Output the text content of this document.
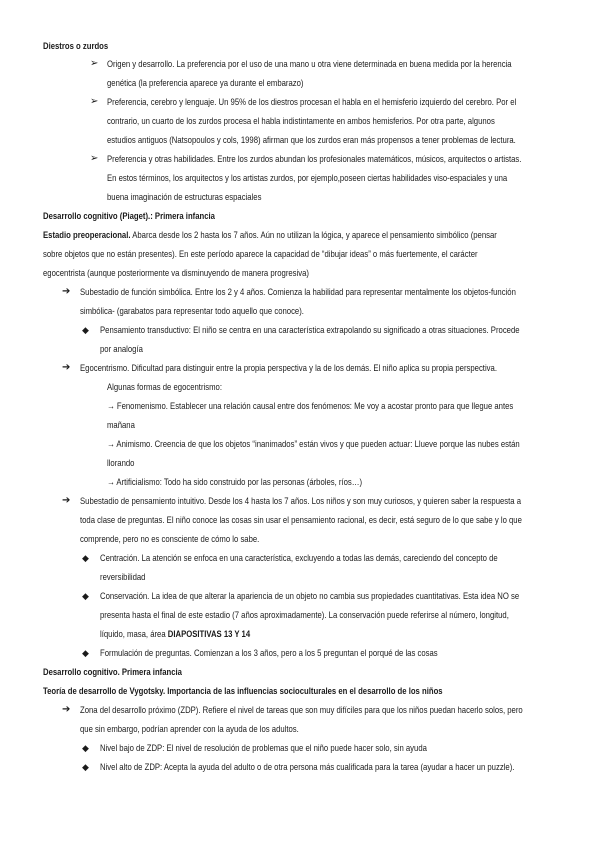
Diestros o zurdos
➢ Origen y desarrollo. La preferencia por el uso de una mano u otra viene determinada en buena medida por la herencia
genética (la preferencia aparece ya durante el embarazo)
➢ Preferencia, cerebro y lenguaje. Un 95% de los diestros procesan el habla en el hemisferio izquierdo del cerebro. Por el
contrario, un cuarto de los zurdos procesa el habla indistintamente en ambos hemisferios. Por otra parte, algunos
estudios antiguos (Natsopoulos y cols, 1998) afirman que los zurdos eran más propensos a tener problemas de lectura.
➢ Preferencia y otras habilidades. Entre los zurdos abundan los profesionales matemáticos, músicos, arquitectos o artistas.
En estos términos, los arquitectos y los artistas zurdos, por ejemplo,poseen ciertas habilidades viso-espaciales y una
buena imaginación de estructuras espaciales
Desarrollo cognitivo (Piaget).: Primera infancia
Estadio preoperacional. Abarca desde los 2 hasta los 7 años. Aún no utilizan la lógica, y aparece el pensamiento simbólico (pensar
sobre objetos que no están presentes). En este período aparece la capacidad de “dibujar ideas” o más fuertemente, el carácter
egocentrista (aunque posteriormente va disminuyendo de manera progresiva)
➔ Subestadio de función simbólica. Entre los 2 y 4 años. Comienza la habilidad para representar mentalmente los objetos-función
simbólica- (garabatos para representar todo aquello que conoce).
◆ Pensamiento transductivo: El niño se centra en una característica extrapolando su significado a otras situaciones. Procede
por analogía
➔ Egocentrismo. Dificultad para distinguir entre la propia perspectiva y la de los demás. El niño aplica su propia perspectiva.
Algunas formas de egocentrismo:
→ Fenomenismo. Establecer una relación causal entre dos fenómenos: Me voy a acostar pronto para que llegue antes
mañana
→ Animismo. Creencia de que los objetos “inanimados” están vivos y que pueden actuar: Llueve porque las nubes están
llorando
→ Artificialismo: Todo ha sido construido por las personas (árboles, ríos…)
➔ Subestadio de pensamiento intuitivo. Desde los 4 hasta los 7 años. Los niños y son muy curiosos, y quieren saber la respuesta a
toda clase de preguntas. El niño conoce las cosas sin usar el pensamiento racional, es decir, está seguro de lo que sabe y lo que
comprende, pero no es consciente de cómo lo sabe.
◆ Centración. La atención se enfoca en una característica, excluyendo a todas las demás, careciendo del concepto de
reversibilidad
◆ Conservación. La idea de que alterar la apariencia de un objeto no cambia sus propiedades cuantitativas. Esta idea NO se
presenta hasta el final de este estadio (7 años aproximadamente). La conservación puede referirse al número, longitud,
líquido, masa, área DIAPOSITIVAS 13 Y 14
◆ Formulación de preguntas. Comienzan a los 3 años, pero a los 5 preguntan el porqué de las cosas
Desarrollo cognitivo. Primera infancia
Teoría de desarrollo de Vygotsky. Importancia de las influencias socioculturales en el desarrollo de los niños
➔ Zona del desarrollo próximo (ZDP). Refiere el nivel de tareas que son muy difíciles para que los niños puedan hacerlo solos, pero
que sin embargo, podrían aprender con la ayuda de los adultos.
◆ Nivel bajo de ZDP: El nivel de resolución de problemas que el niño puede hacer solo, sin ayuda
◆ Nivel alto de ZDP: Acepta la ayuda del adulto o de otra persona más cualificada para la tarea (ayudar a hacer un puzzle).
